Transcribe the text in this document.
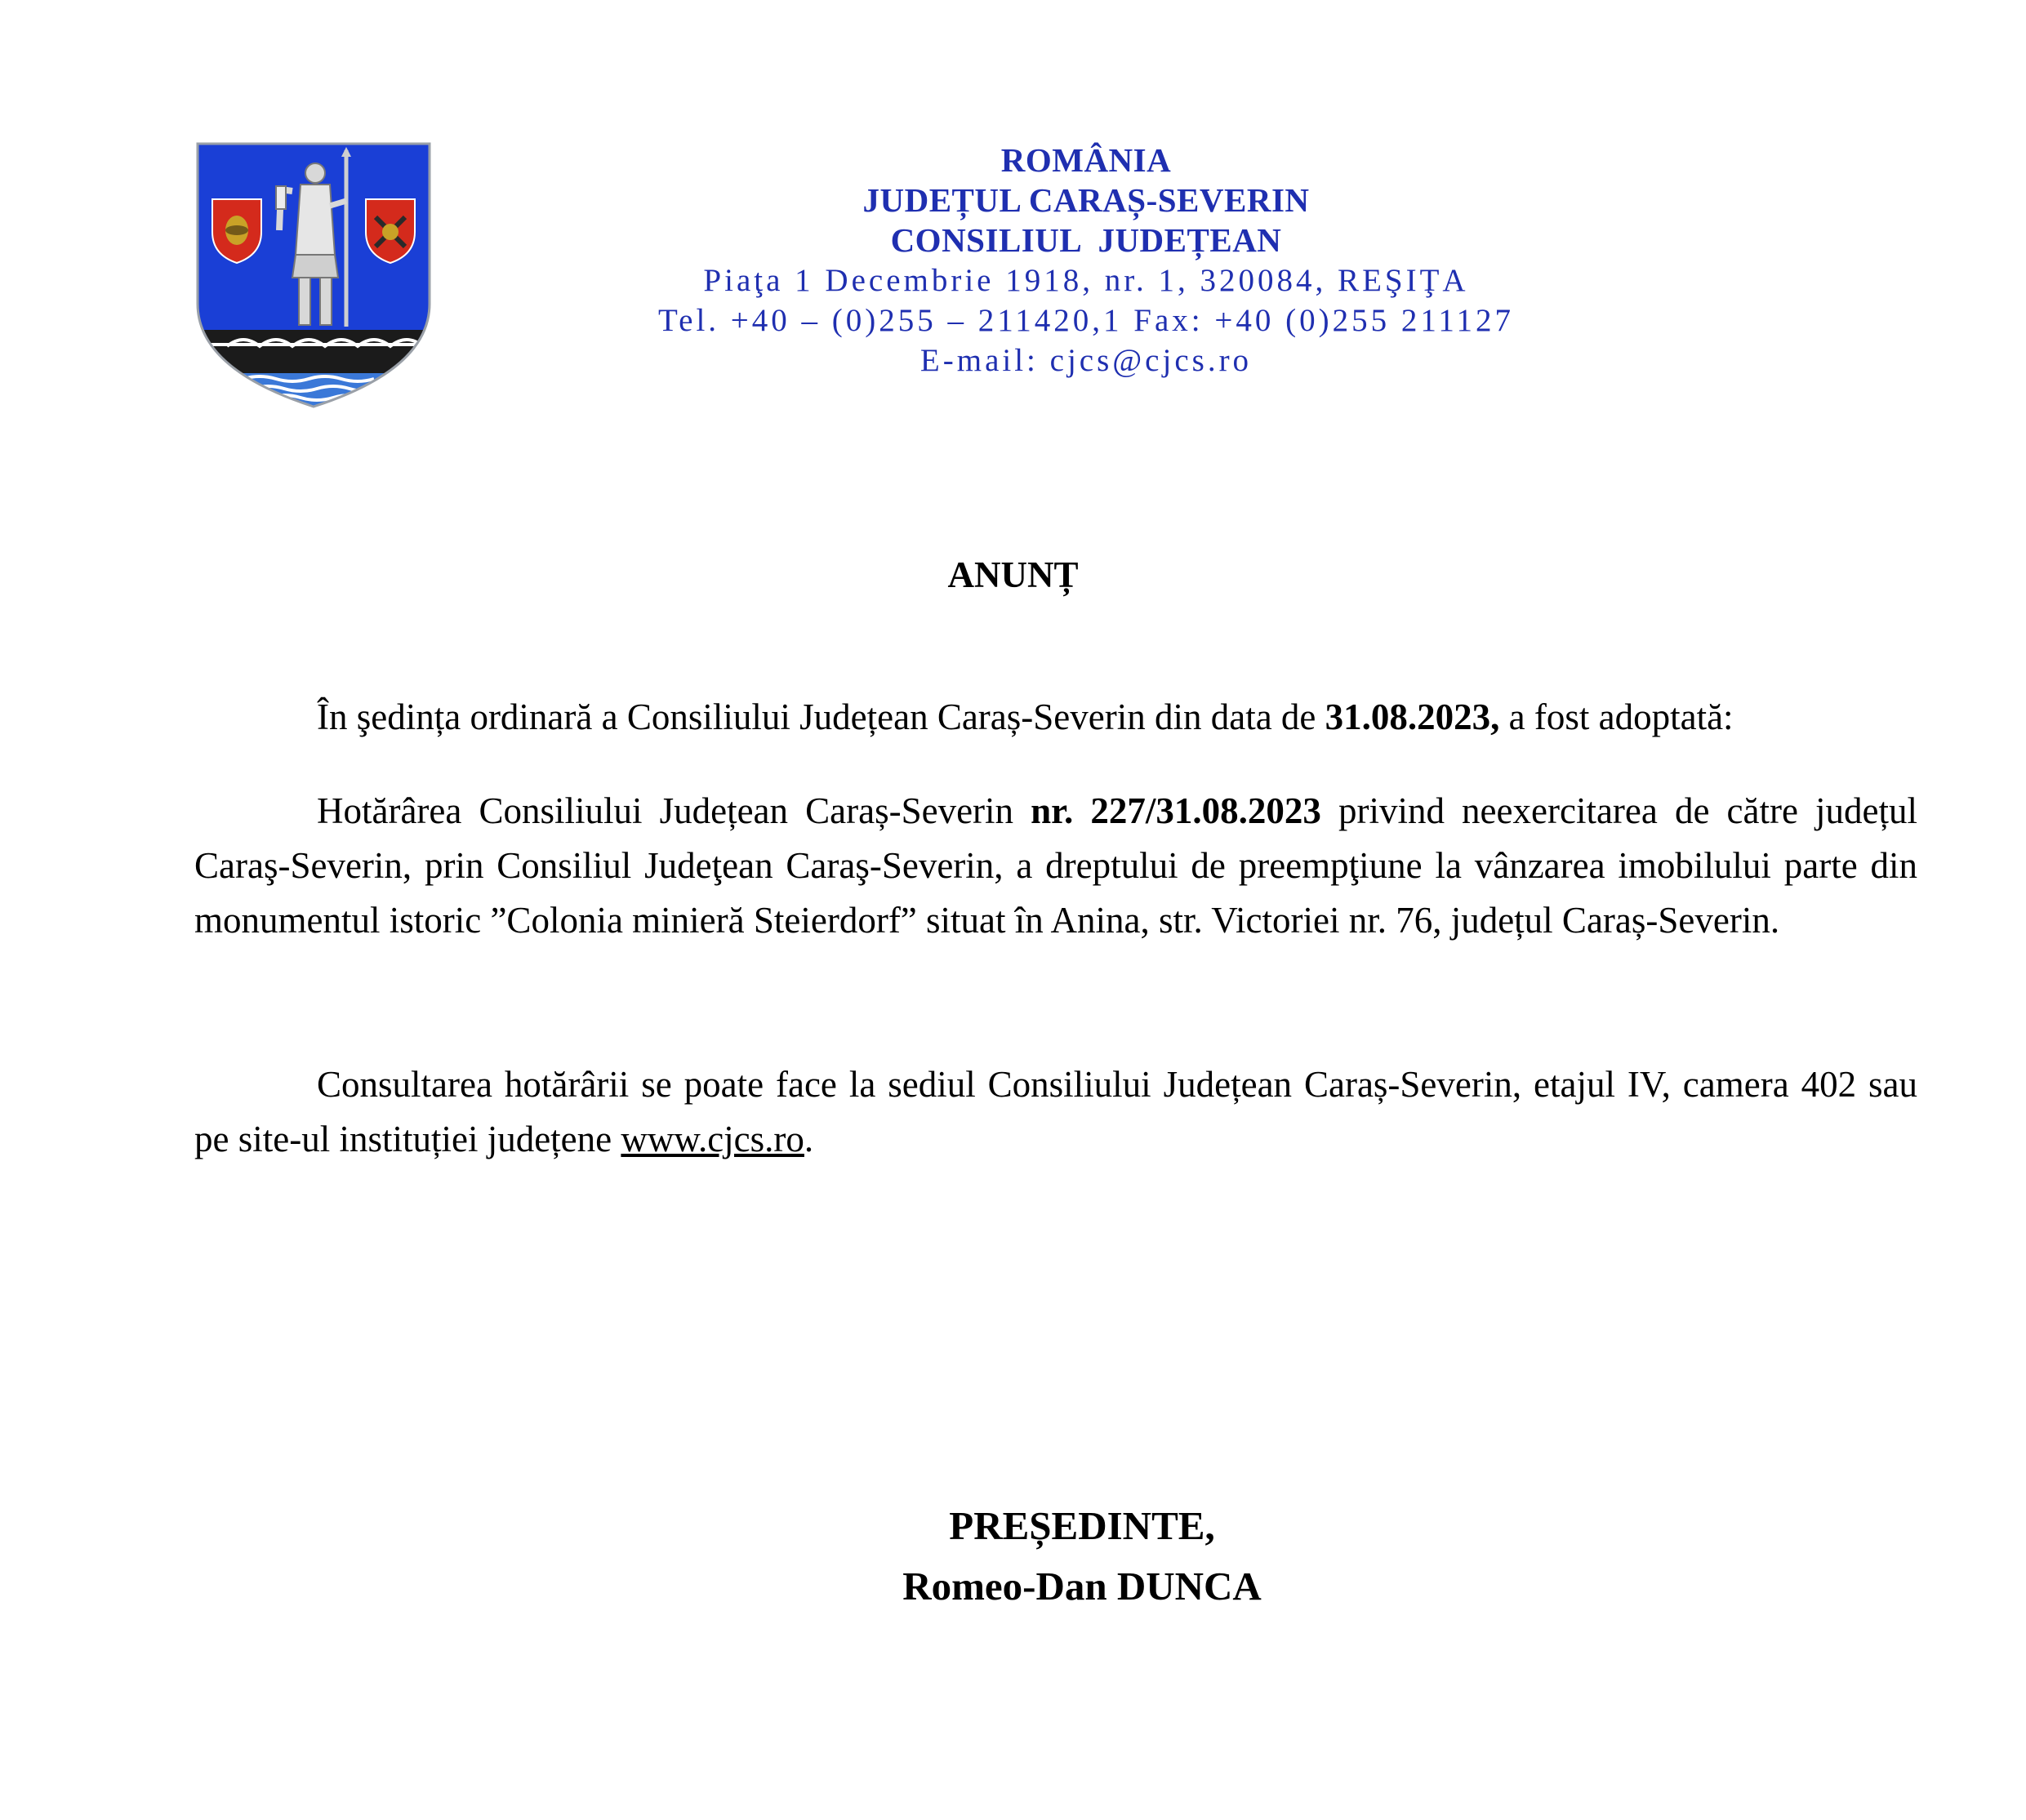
ROMÂNIA
JUDEȚUL CARAȘ-SEVERIN
CONSILIUL  JUDEȚEAN
Piaţa 1 Decembrie 1918, nr. 1, 320084, REŞIŢA
Tel. +40 – (0)255 – 211420,1 Fax: +40 (0)255 211127
E-mail: cjcs@cjcs.ro
ANUNȚ
În şedința ordinară a Consiliului Județean Caraș-Severin din data de 31.08.2023, a fost adoptată:
Hotărârea Consiliului Județean Caraș-Severin nr. 227/31.08.2023 privind neexercitarea de către județul Caraş-Severin, prin Consiliul Judeţean Caraş-Severin, a dreptului de preempţiune la vânzarea imobilului parte din monumentul istoric ”Colonia minieră Steierdorf” situat în Anina, str. Victoriei nr. 76, județul Caraș-Severin.
Consultarea hotărârii se poate face la sediul Consiliului Județean Caraș-Severin, etajul IV, camera 402 sau pe site-ul instituției județene www.cjcs.ro.
PREȘEDINTE,
Romeo-Dan DUNCA
